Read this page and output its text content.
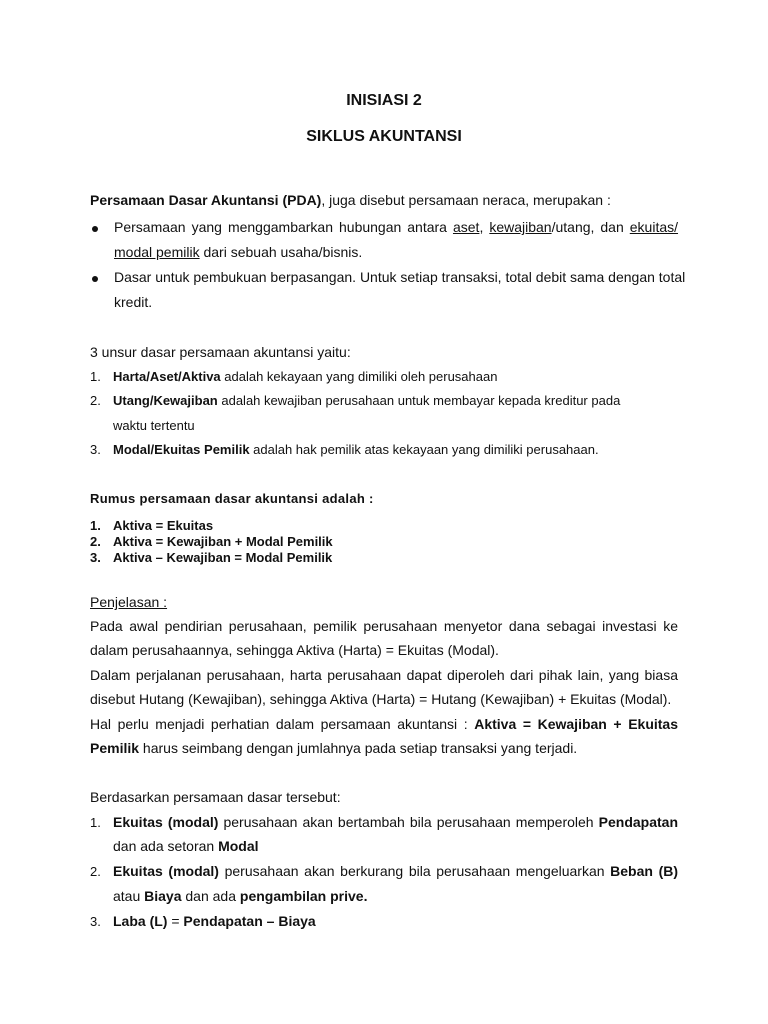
INISIASI 2
SIKLUS AKUNTANSI
Persamaan Dasar Akuntansi (PDA), juga disebut persamaan neraca, merupakan :
Persamaan yang menggambarkan hubungan antara aset, kewajiban/utang, dan ekuitas/
modal pemilik dari sebuah usaha/bisnis.
Dasar untuk pembukuan berpasangan. Untuk setiap transaksi, total debit sama dengan total
kredit.
3 unsur dasar persamaan akuntansi yaitu:
1. Harta/Aset/Aktiva adalah kekayaan yang dimiliki oleh perusahaan
2. Utang/Kewajiban adalah kewajiban perusahaan untuk membayar kepada kreditur pada
waktu tertentu
3. Modal/Ekuitas Pemilik adalah hak pemilik atas kekayaan yang dimiliki perusahaan.
Rumus persamaan dasar akuntansi adalah :
1. Aktiva = Ekuitas
2. Aktiva = Kewajiban + Modal Pemilik
3. Aktiva – Kewajiban = Modal Pemilik
Penjelasan :
Pada awal pendirian perusahaan, pemilik perusahaan menyetor dana sebagai investasi ke
dalam perusahaannya, sehingga Aktiva (Harta) = Ekuitas (Modal).
Dalam perjalanan perusahaan, harta perusahaan dapat diperoleh dari pihak lain, yang biasa
disebut Hutang (Kewajiban), sehingga Aktiva (Harta) = Hutang (Kewajiban) + Ekuitas (Modal).
Hal perlu menjadi perhatian dalam persamaan akuntansi : Aktiva = Kewajiban + Ekuitas
Pemilik harus seimbang dengan jumlahnya pada setiap transaksi yang terjadi.
Berdasarkan persamaan dasar tersebut:
1. Ekuitas (modal) perusahaan akan bertambah bila perusahaan memperoleh Pendapatan
dan ada setoran Modal
2. Ekuitas (modal) perusahaan akan berkurang bila perusahaan mengeluarkan Beban (B)
atau Biaya dan ada pengambilan prive.
3. Laba (L) = Pendapatan – Biaya
